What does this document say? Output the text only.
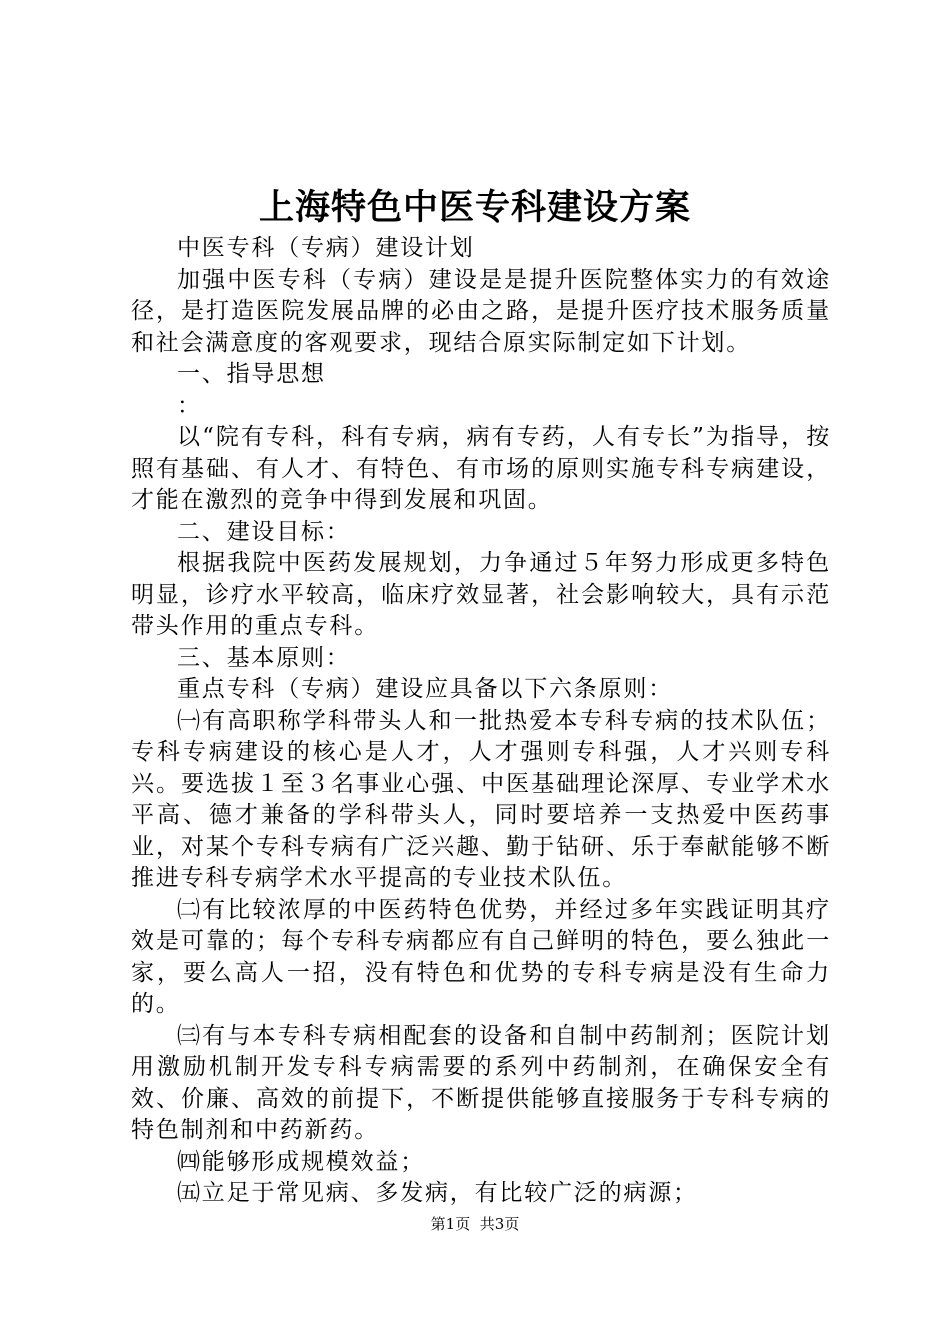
上海特色中医专科建设方案

中医专科（专病）建设计划

加强中医专科（专病）建设是是提升医院整体实力的有效途径，是打造医院发展品牌的必由之路，是提升医疗技术服务质量和社会满意度的客观要求，现结合原实际制定如下计划。

一、指导思想

：

以“院有专科，科有专病，病有专药，人有专长”为指导，按照有基础、有人才、有特色、有市场的原则实施专科专病建设，才能在激烈的竞争中得到发展和巩固。

二、建设目标：

根据我院中医药发展规划，力争通过５年努力形成更多特色明显，诊疗水平较高，临床疗效显著，社会影响较大，具有示范带头作用的重点专科。

三、基本原则：

重点专科（专病）建设应具备以下六条原则：

㈠有高职称学科带头人和一批热爱本专科专病的技术队伍；专科专病建设的核心是人才，人才强则专科强，人才兴则专科兴。要选拔１至３名事业心强、中医基础理论深厚、专业学术水平高、德才兼备的学科带头人，同时要培养一支热爱中医药事业，对某个专科专病有广泛兴趣、勤于钻研、乐于奉献能够不断推进专科专病学术水平提高的专业技术队伍。

㈡有比较浓厚的中医药特色优势，并经过多年实践证明其疗效是可靠的；每个专科专病都应有自己鲜明的特色，要么独此一家，要么高人一招，没有特色和优势的专科专病是没有生命力的。

㈢有与本专科专病相配套的设备和自制中药制剂；医院计划用激励机制开发专科专病需要的系列中药制剂，在确保安全有效、价廉、高效的前提下，不断提供能够直接服务于专科专病的特色制剂和中药新药。

㈣能够形成规模效益；

㈤立足于常见病、多发病，有比较广泛的病源；

第1页 共3页
